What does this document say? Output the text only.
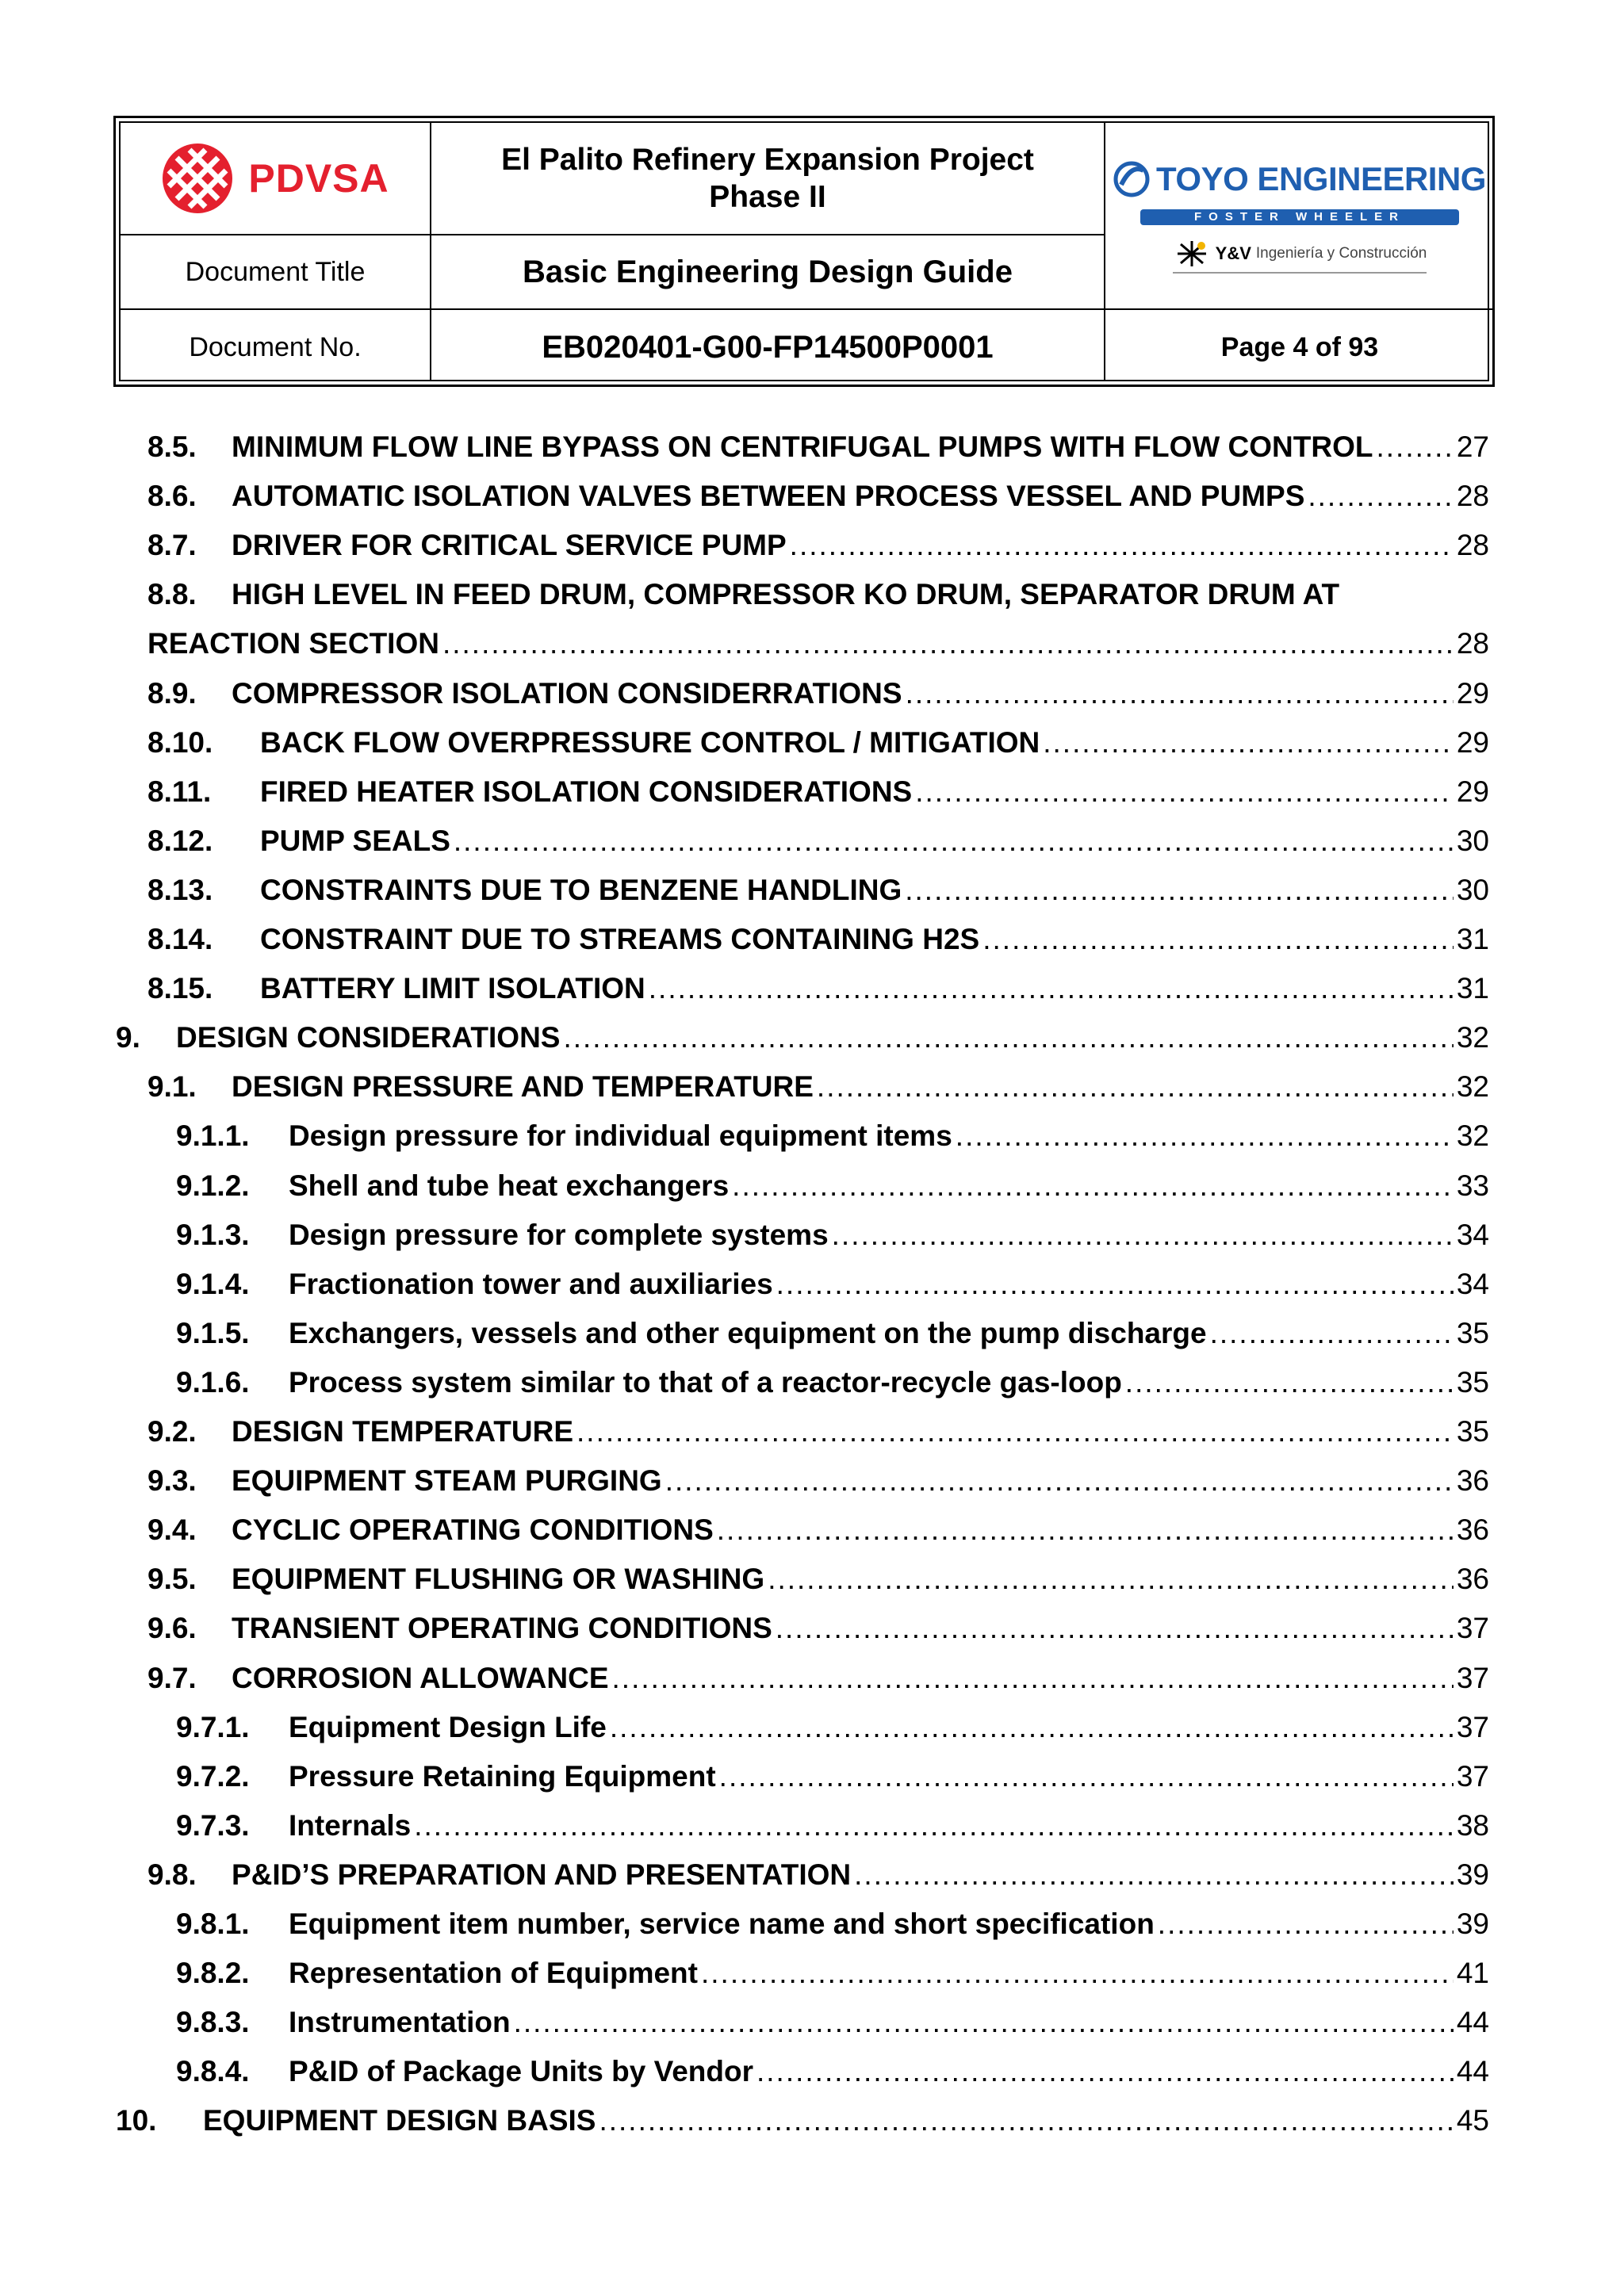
PDVSA	El Palito Refinery Expansion Project
Phase II	TOYO ENGINEERING
FOSTER WHEELER
Y&V Ingeniería y Construcción
Document Title	Basic Engineering Design Guide
Document No.	EB020401-G00-FP14500P0001	Page 4 of 93
8.5.	MINIMUM FLOW LINE BYPASS ON CENTRIFUGAL PUMPS WITH FLOW CONTROL .....	27
8.6.	AUTOMATIC ISOLATION VALVES BETWEEN PROCESS VESSEL AND PUMPS .....	28
8.7.	DRIVER FOR CRITICAL SERVICE PUMP .....	28
8.8.	HIGH LEVEL IN FEED DRUM, COMPRESSOR KO DRUM, SEPARATOR DRUM AT
REACTION SECTION .....	28
8.9.	COMPRESSOR ISOLATION CONSIDERRATIONS .....	29
8.10.	BACK FLOW OVERPRESSURE CONTROL / MITIGATION .....	29
8.11.	FIRED HEATER ISOLATION CONSIDERATIONS .....	29
8.12.	PUMP SEALS .....	30
8.13.	CONSTRAINTS DUE TO BENZENE HANDLING .....	30
8.14.	CONSTRAINT DUE TO STREAMS CONTAINING H2S .....	31
8.15.	BATTERY LIMIT ISOLATION .....	31
9.	DESIGN CONSIDERATIONS .....	32
9.1.	DESIGN PRESSURE AND TEMPERATURE .....	32
9.1.1.	Design pressure for individual equipment items .....	32
9.1.2.	Shell and tube heat exchangers .....	33
9.1.3.	Design pressure for complete systems .....	34
9.1.4.	Fractionation tower and auxiliaries .....	34
9.1.5.	Exchangers, vessels and other equipment on the pump discharge .....	35
9.1.6.	Process system similar to that of a reactor-recycle gas-loop .....	35
9.2.	DESIGN TEMPERATURE .....	35
9.3.	EQUIPMENT STEAM PURGING .....	36
9.4.	CYCLIC OPERATING CONDITIONS .....	36
9.5.	EQUIPMENT FLUSHING OR WASHING .....	36
9.6.	TRANSIENT OPERATING CONDITIONS .....	37
9.7.	CORROSION ALLOWANCE .....	37
9.7.1.	Equipment Design Life .....	37
9.7.2.	Pressure Retaining Equipment .....	37
9.7.3.	Internals .....	38
9.8.	P&ID’S PREPARATION AND PRESENTATION .....	39
9.8.1.	Equipment item number, service name and short specification .....	39
9.8.2.	Representation of Equipment .....	41
9.8.3.	Instrumentation .....	44
9.8.4.	P&ID of Package Units by Vendor .....	44
10.	EQUIPMENT DESIGN BASIS .....	45
